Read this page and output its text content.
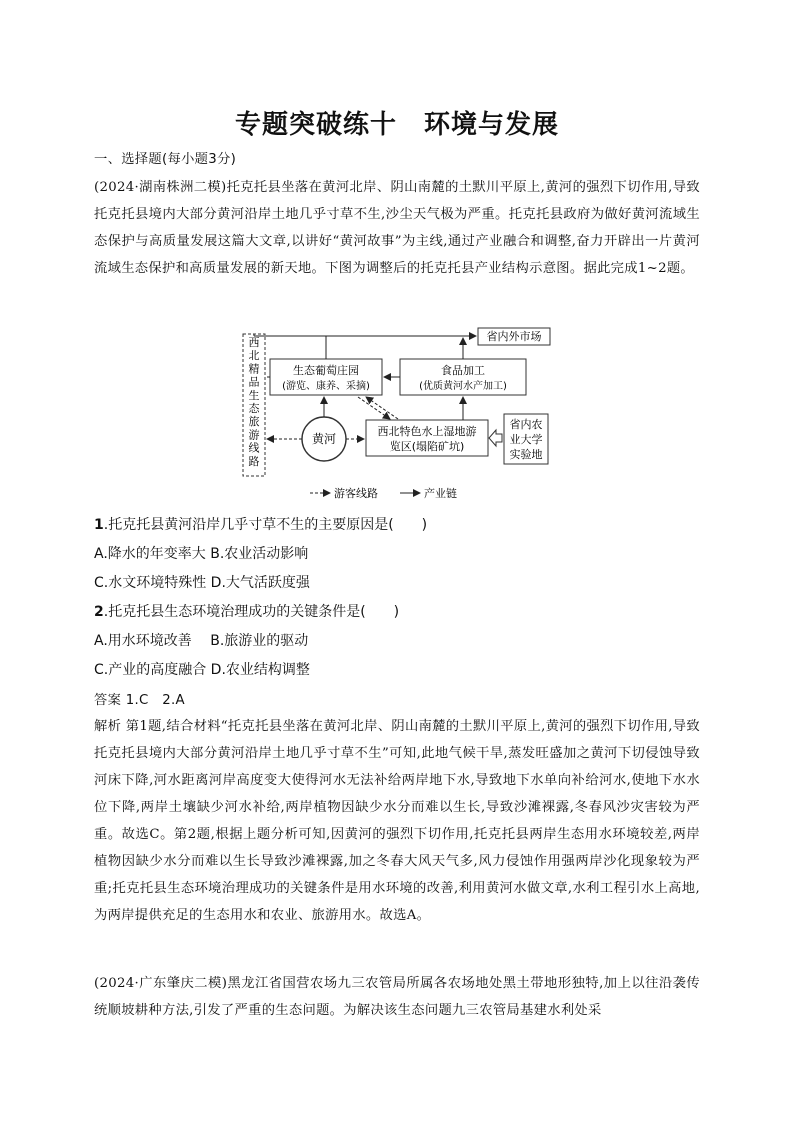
专题突破练十　环境与发展
一、选择题(每小题3分)
(2024·湖南株洲二模)托克托县坐落在黄河北岸、阴山南麓的土默川平原上,黄河的强烈下切作用,导致托克托县境内大部分黄河沿岸土地几乎寸草不生,沙尘天气极为严重。托克托县政府为做好黄河流域生态保护与高质量发展这篇大文章,以讲好“黄河故事”为主线,通过产业融合和调整,奋力开辟出一片黄河流域生态保护和高质量发展的新天地。下图为调整后的托克托县产业结构示意图。据此完成1~2题。
西北精品生态旅游线路
省内外市场
生态葡萄庄园
(游览、康养、采摘)
食品加工
(优质黄河水产加工)
黄河
西北特色水上湿地游
览区(塌陷矿坑)
省内农
业大学
实验地
游客线路	产业链
1.托克托县黄河沿岸几乎寸草不生的主要原因是(　　)
A.降水的年变率大 B.农业活动影响
C.水文环境特殊性 D.大气活跃度强
2.托克托县生态环境治理成功的关键条件是(　　)
A.用水环境改善　 B.旅游业的驱动
C.产业的高度融合 D.农业结构调整
答案 1.C　2.A
解析 第1题,结合材料“托克托县坐落在黄河北岸、阴山南麓的土默川平原上,黄河的强烈下切作用,导致托克托县境内大部分黄河沿岸土地几乎寸草不生”可知,此地气候干旱,蒸发旺盛加之黄河下切侵蚀导致河床下降,河水距离河岸高度变大使得河水无法补给两岸地下水,导致地下水单向补给河水,使地下水水位下降,两岸土壤缺少河水补给,两岸植物因缺少水分而难以生长,导致沙滩裸露,冬春风沙灾害较为严重。故选C。第2题,根据上题分析可知,因黄河的强烈下切作用,托克托县两岸生态用水环境较差,两岸植物因缺少水分而难以生长导致沙滩裸露,加之冬春大风天气多,风力侵蚀作用强两岸沙化现象较为严重;托克托县生态环境治理成功的关键条件是用水环境的改善,利用黄河水做文章,水利工程引水上高地,为两岸提供充足的生态用水和农业、旅游用水。故选A。
(2024·广东肇庆二模)黑龙江省国营农场九三农管局所属各农场地处黑土带地形独特,加上以往沿袭传统顺坡耕种方法,引发了严重的生态问题。为解决该生态问题九三农管局基建水利处采
